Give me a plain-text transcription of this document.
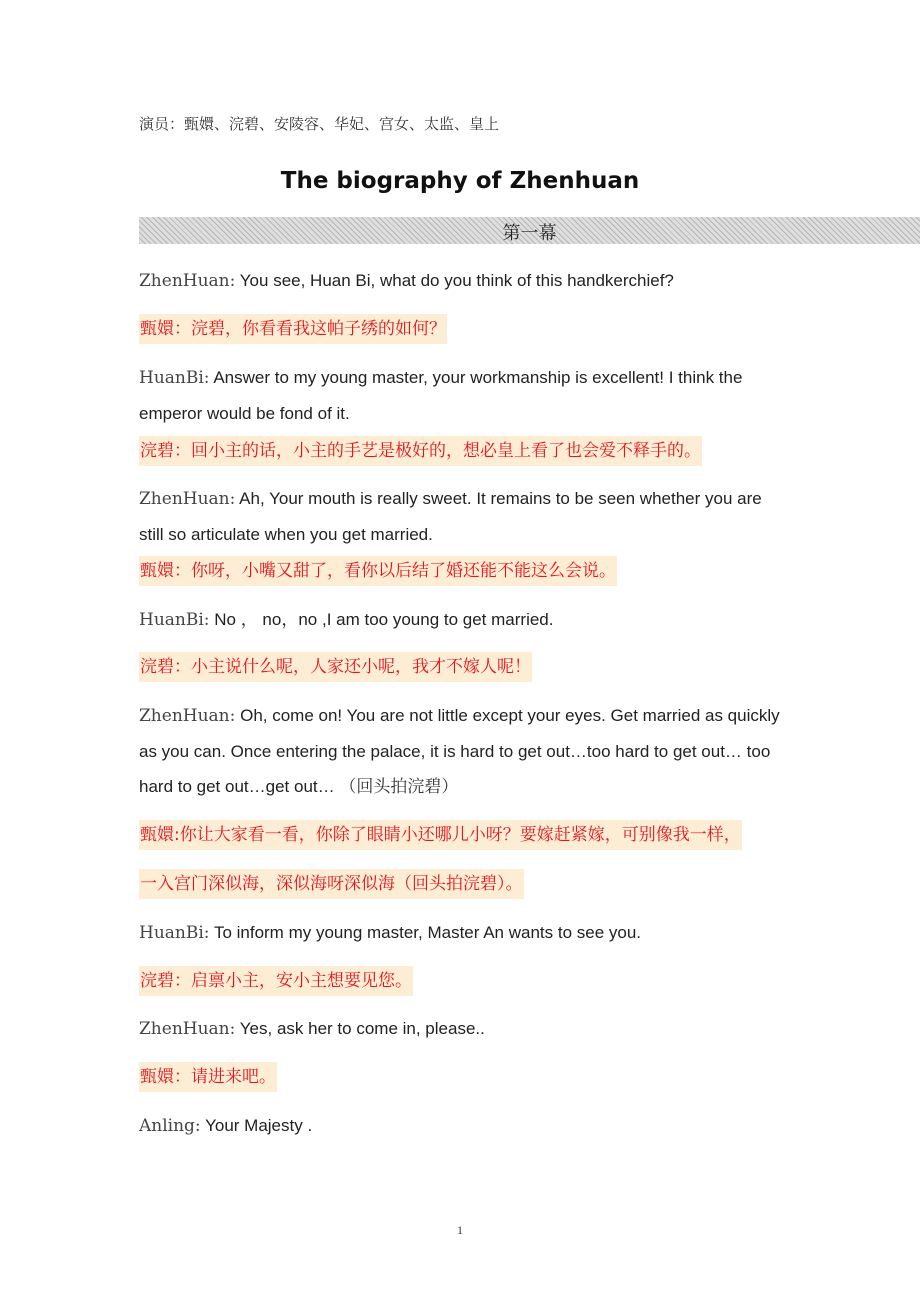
演员：甄嬛、浣碧、安陵容、华妃、宫女、太监、皇上
The biography of Zhenhuan
第一幕
ZhenHuan: You see, Huan Bi, what do you think of this handkerchief?
甄嬛：浣碧，你看看我这帕子绣的如何？
HuanBi: Answer to my young master, your workmanship is excellent! I think the emperor would be fond of it.
浣碧：回小主的话，小主的手艺是极好的，想必皇上看了也会爱不释手的。
ZhenHuan: Ah, Your mouth is really sweet. It remains to be seen whether you are still so articulate when you get married.
甄嬛：你呀，小嘴又甜了，看你以后结了婚还能不能这么会说。
HuanBi: No ， no，no ,I am too young to get married.
浣碧：小主说什么呢，人家还小呢，我才不嫁人呢！
ZhenHuan: Oh, come on! You are not little except your eyes. Get married as quickly as you can. Once entering the palace, it is hard to get out…too hard to get out… too hard to get out…get out… （回头拍浣碧）
甄嬛:你让大家看一看，你除了眼睛小还哪儿小呀？要嫁赶紧嫁，可别像我一样，
一入宫门深似海，深似海呀深似海（回头拍浣碧）。
HuanBi: To inform my young master, Master An wants to see you.
浣碧：启禀小主，安小主想要见您。
ZhenHuan: Yes, ask her to come in, please..
甄嬛：请进来吧。
Anling: Your Majesty .
1
